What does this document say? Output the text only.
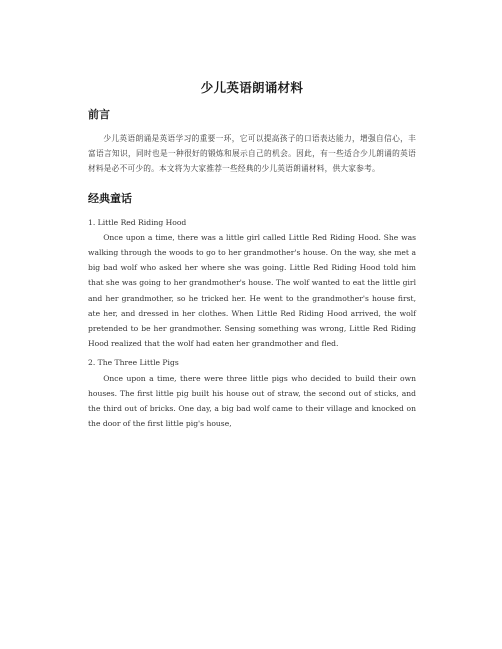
少儿英语朗诵材料
前言

少儿英语朗诵是英语学习的重要一环，它可以提高孩子的口语表达能力，增强自信心，丰富语言知识，同时也是一种很好的锻炼和展示自己的机会。因此，有一些适合少儿朗诵的英语材料是必不可少的。本文将为大家推荐一些经典的少儿英语朗诵材料，供大家参考。

经典童话

1. Little Red Riding Hood

Once upon a time, there was a little girl called Little Red Riding Hood. She was walking through the woods to go to her grandmother's house. On the way, she met a big bad wolf who asked her where she was going. Little Red Riding Hood told him that she was going to her grandmother's house. The wolf wanted to eat the little girl and her grandmother, so he tricked her. He went to the grandmother's house first, ate her, and dressed in her clothes. When Little Red Riding Hood arrived, the wolf pretended to be her grandmother. Sensing something was wrong, Little Red Riding Hood realized that the wolf had eaten her grandmother and fled.

2. The Three Little Pigs

Once upon a time, there were three little pigs who decided to build their own houses. The first little pig built his house out of straw, the second out of sticks, and the third out of bricks. One day, a big bad wolf came to their village and knocked on the door of the first little pig's house,
